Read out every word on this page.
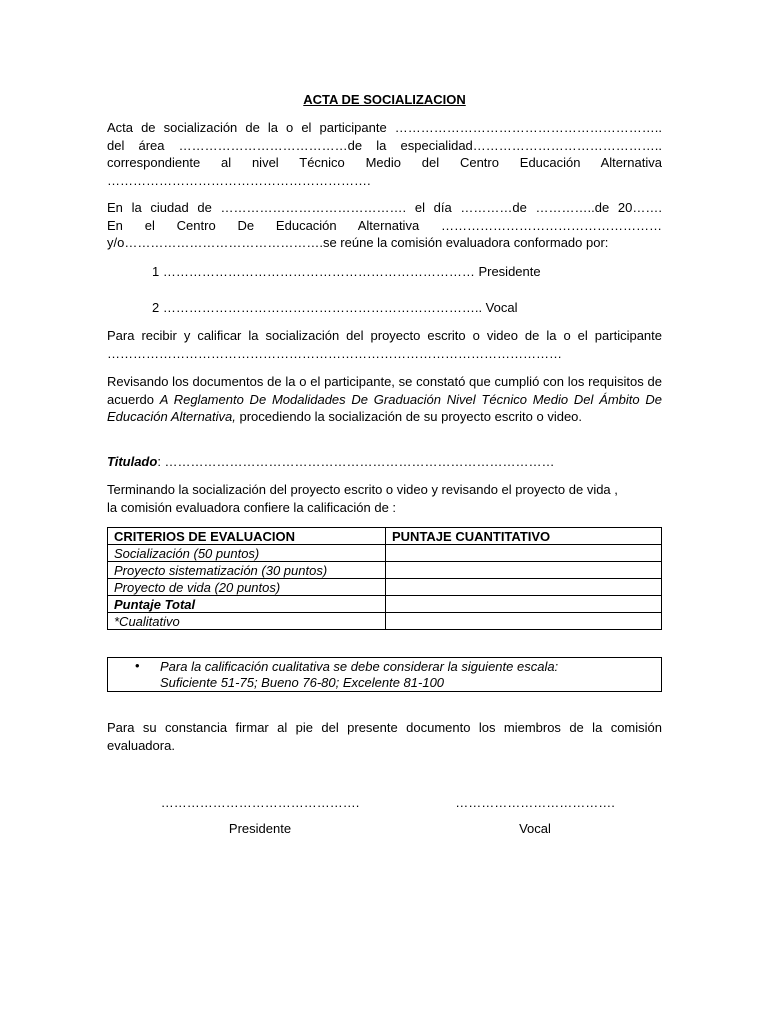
ACTA DE SOCIALIZACION

Acta de socialización de la o el participante ……………………………………………………..

del área …………………………………de la especialidad……………………………………..

correspondiente al nivel Técnico Medio del Centro Educación Alternativa

…………………………………………………….

En la ciudad de ……………………………………. el día …………de …………..de 20…….

En el Centro De Educación Alternativa ……………………………………………

y/o……………………………………….se reúne la comisión evaluadora conformado por:

1 ……………………………………………………………… Presidente
2 ……………………………………………………………….. Vocal

Para recibir y calificar la socialización del proyecto escrito o video de la o el participante

……………………………………………………………………………………………

Revisando los documentos de la o el participante, se constató que cumplió con los requisitos de acuerdo A Reglamento De Modalidades De Graduación Nivel Técnico Medio Del Ámbito De Educación Alternativa, procediendo la socialización de su proyecto escrito o video.

Titulado: ………………………………………………………………………………

Terminando la socialización del proyecto escrito o video y revisando el proyecto de vida ,

la comisión evaluadora confiere la calificación de :

CRITERIOS DE EVALUACION	PUNTAJE CUANTITATIVO
Socialización (50 puntos)	
Proyecto sistematización (30 puntos)	
Proyecto de vida (20 puntos)	
Puntaje Total	
*Cualitativo	
• Para la calificación cualitativa se debe considerar la siguiente escala:
Suficiente 51-75; Bueno 76-80; Excelente 81-100

Para su constancia firmar al pie del presente documento los miembros de la comisión

evaluadora.

……………………………………….	……………………………….
Presidente	Vocal
